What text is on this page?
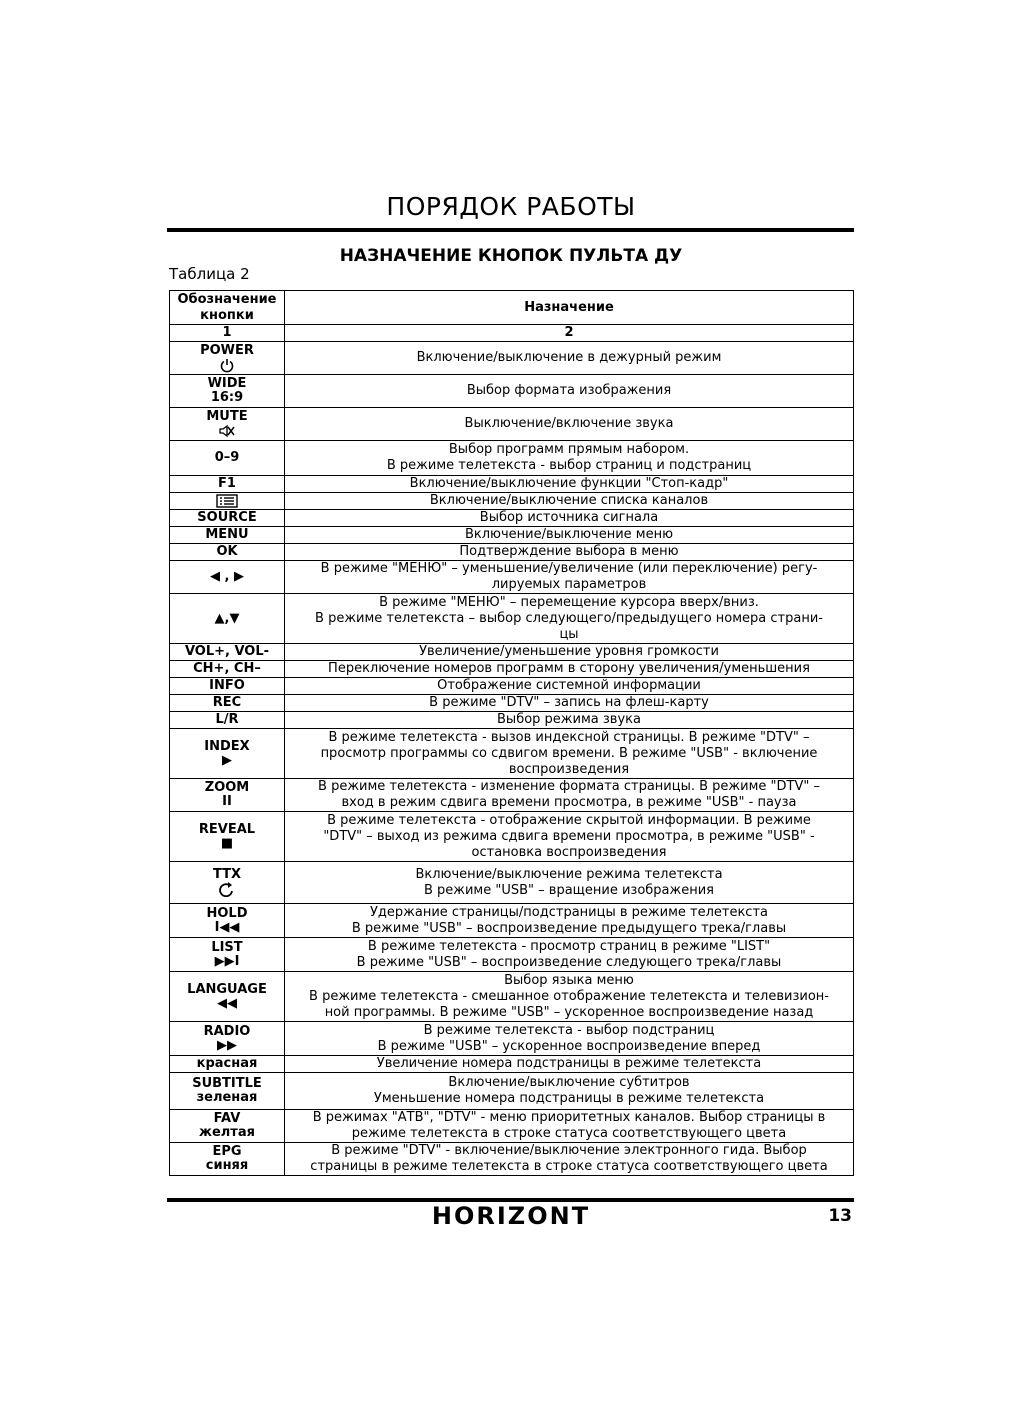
ПОРЯДОК РАБОТЫ
НАЗНАЧЕНИЕ КНОПОК ПУЛЬТА ДУ
Таблица 2
Обозначение кнопки	Назначение
1	2

POWER	Включение/выключение в дежурный режим

WIDE
16:9	Выбор формата изображения

MUTE	Выключение/включение звука

0–9	Выбор программ прямым набором.
В режиме телетекста - выбор страниц и подстраниц

F1	Включение/выключение функции "Стоп-кадр"

	Включение/выключение списка каналов

SOURCE	Выбор источника сигнала

MENU	Включение/выключение меню

OK	Подтверждение выбора в меню

◀ , ▶	В режиме "МЕНЮ" – уменьшение/увеличение (или переключение) регу-
лируемых параметров

▲,▼	В режиме "МЕНЮ" – перемещение курсора вверх/вниз.
В режиме телетекста – выбор следующего/предыдущего номера страни-
цы

VOL+, VOL-	Увеличение/уменьшение уровня громкости

CH+, CH–	Переключение номеров программ в сторону увеличения/уменьшения

INFO	Отображение системной информации

REC	В режиме "DTV" – запись на флеш-карту

L/R	Выбор режима звука

INDEX
▶	В режиме телетекста - вызов индексной страницы. В режиме "DTV" –
просмотр программы со сдвигом времени. В режиме "USB" - включение
воспроизведения

ZOOM
II	В режиме телетекста - изменение формата страницы. В режиме "DTV" –
вход в режим сдвига времени просмотра, в режиме "USB" - пауза

REVEAL
■	В режиме телетекста - отображение скрытой информации. В режиме
"DTV" – выход из режима сдвига времени просмотра, в режиме "USB" -
остановка воспроизведения

TTX	Включение/выключение режима телетекста
В режиме "USB" – вращение изображения

HOLD
I◀◀	Удержание страницы/подстраницы в режиме телетекста
В режиме "USB" – воспроизведение предыдущего трека/главы

LIST
▶▶I	В режиме телетекста - просмотр страниц в режиме "LIST"
В режиме "USB" – воспроизведение следующего трека/главы

LANGUAGE
◀◀	Выбор языка меню
В режиме телетекста - смешанное отображение телетекста и телевизион-
ной программы. В режиме "USB" – ускоренное воспроизведение назад

RADIO
▶▶	В режиме телетекста - выбор подстраниц
В режиме "USB" – ускоренное воспроизведение вперед

красная	Увеличение номера подстраницы в режиме телетекста

SUBTITLE
зеленая	Включение/выключение субтитров
Уменьшение номера подстраницы в режиме телетекста

FAV
желтая	В режимах "АТВ", "DTV" - меню приоритетных каналов. Выбор страницы в
режиме телетекста в строке статуса соответствующего цвета

EPG
синяя	В режиме "DTV" - включение/выключение электронного гида. Выбор
страницы в режиме телетекста в строке статуса соответствующего цвета
HORIZONT	13
